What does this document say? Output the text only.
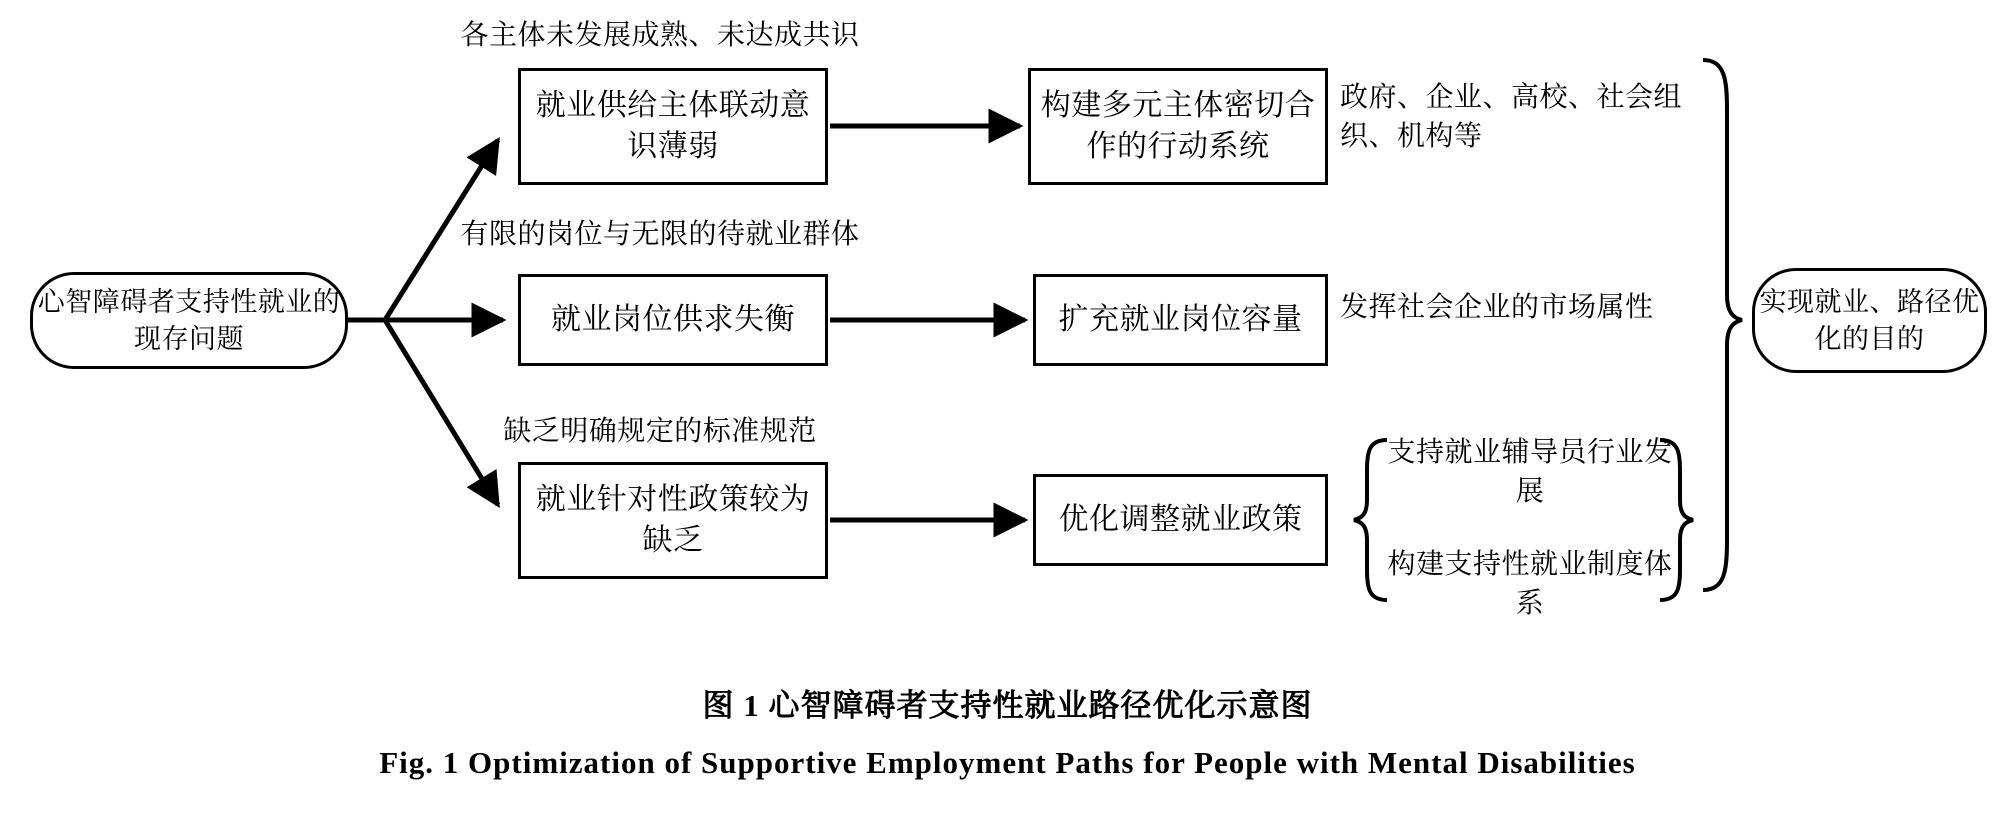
心智障碍者支持性就业的现存问题
各主体未发展成熟、未达成共识
有限的岗位与无限的待就业群体
缺乏明确规定的标准规范
就业供给主体联动意识薄弱
就业岗位供求失衡
就业针对性政策较为缺乏
构建多元主体密切合作的行动系统
扩充就业岗位容量
优化调整就业政策
政府、企业、高校、社会组织、机构等
发挥社会企业的市场属性
支持就业辅导员行业发展
构建支持性就业制度体系
实现就业、路径优化的目的
图 1 心智障碍者支持性就业路径优化示意图
Fig. 1 Optimization of Supportive Employment Paths for People with Mental Disabilities
